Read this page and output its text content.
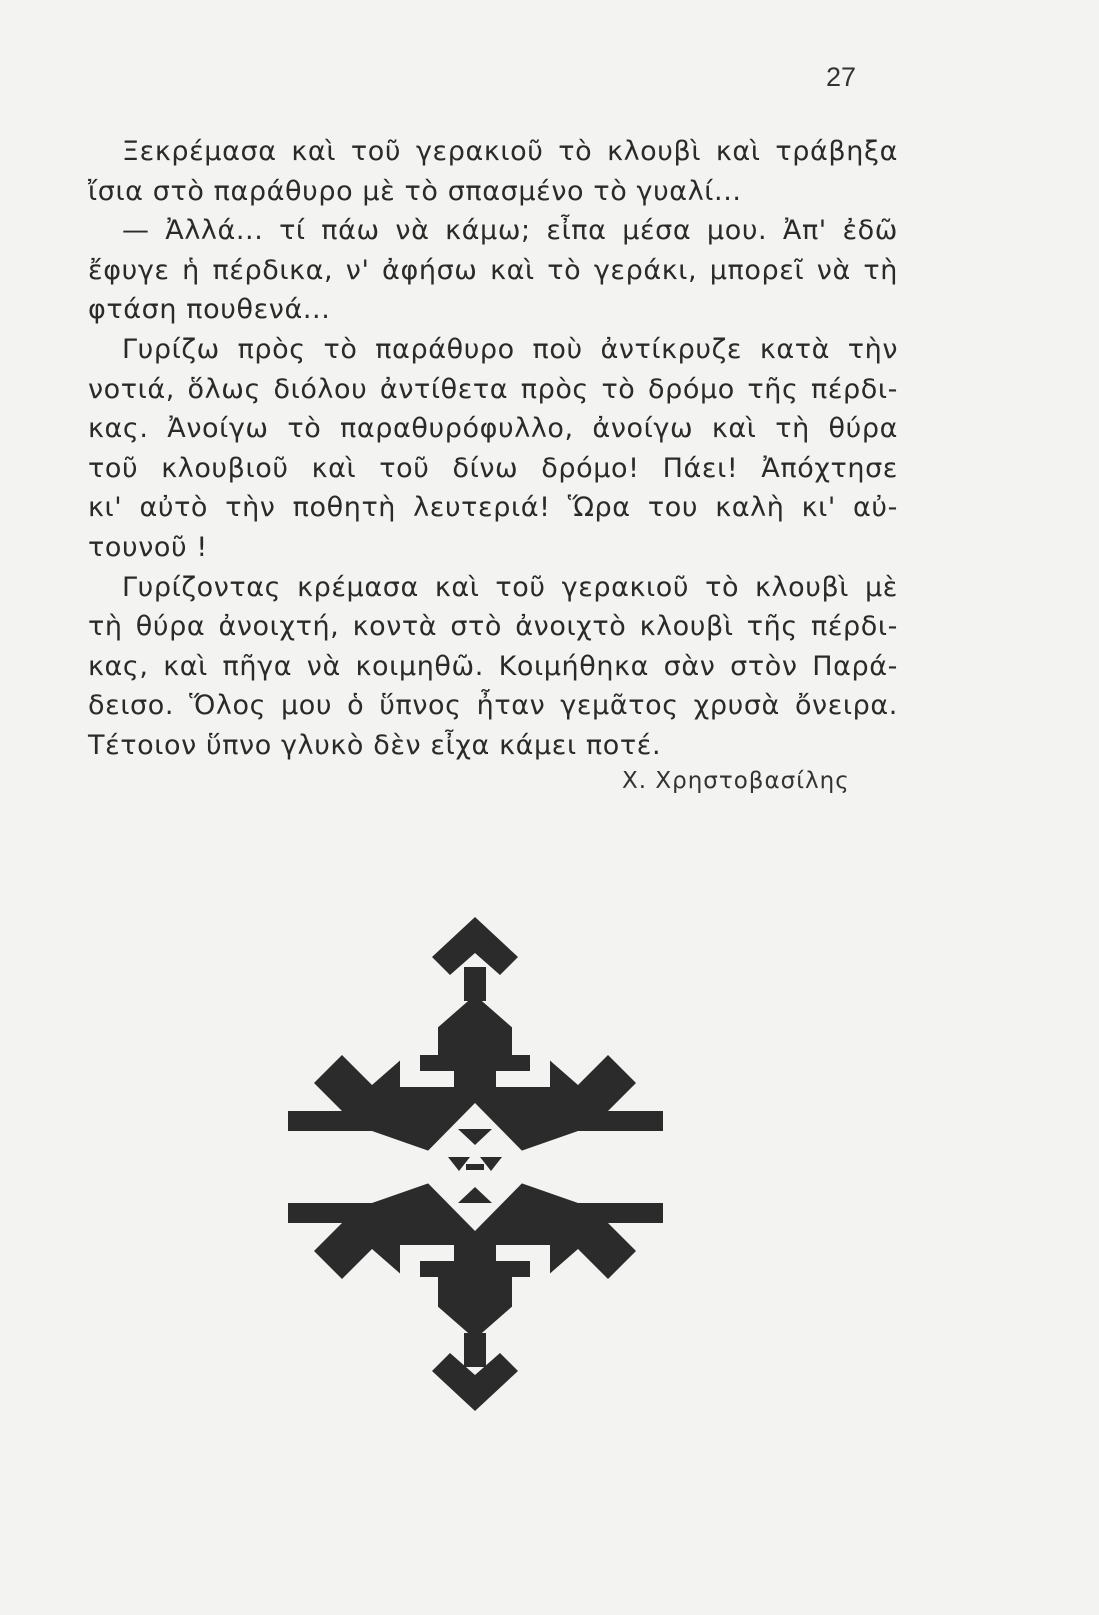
27
Ξεκρέμασα καὶ τοῦ γερακιοῦ τὸ κλουβὶ καὶ τράβηξα
ἴσια στὸ παράθυρο μὲ τὸ σπασμένο τὸ γυαλί...
— Ἀλλά... τί πάω νὰ κάμω; εἶπα μέσα μου. Ἀπ' ἐδῶ
ἔφυγε ἡ πέρδικα, ν' ἀφήσω καὶ τὸ γεράκι, μπορεῖ νὰ τὴ
φτάση πουθενά...
Γυρίζω πρὸς τὸ παράθυρο ποὺ ἀντίκρυζε κατὰ τὴν
νοτιά, ὅλως διόλου ἀντίθετα πρὸς τὸ δρόμο τῆς πέρδι-
κας. Ἀνοίγω τὸ παραθυρόφυλλο, ἀνοίγω καὶ τὴ θύρα
τοῦ κλουβιοῦ καὶ τοῦ δίνω δρόμο! Πάει! Ἀπόχτησε
κι' αὐτὸ τὴν ποθητὴ λευτεριά! Ὥρα του καλὴ κι' αὐ-
τουνοῦ !
Γυρίζοντας κρέμασα καὶ τοῦ γερακιοῦ τὸ κλουβὶ μὲ
τὴ θύρα ἀνοιχτή, κοντὰ στὸ ἀνοιχτὸ κλουβὶ τῆς πέρδι-
κας, καὶ πῆγα νὰ κοιμηθῶ. Κοιμήθηκα σὰν στὸν Παρά-
δεισο. Ὅλος μου ὁ ὕπνος ἦταν γεμᾶτος χρυσὰ ὄνειρα.
Τέτοιον ὕπνο γλυκὸ δὲν εἶχα κάμει ποτέ.
Χ. Χρηστοβασίλης
